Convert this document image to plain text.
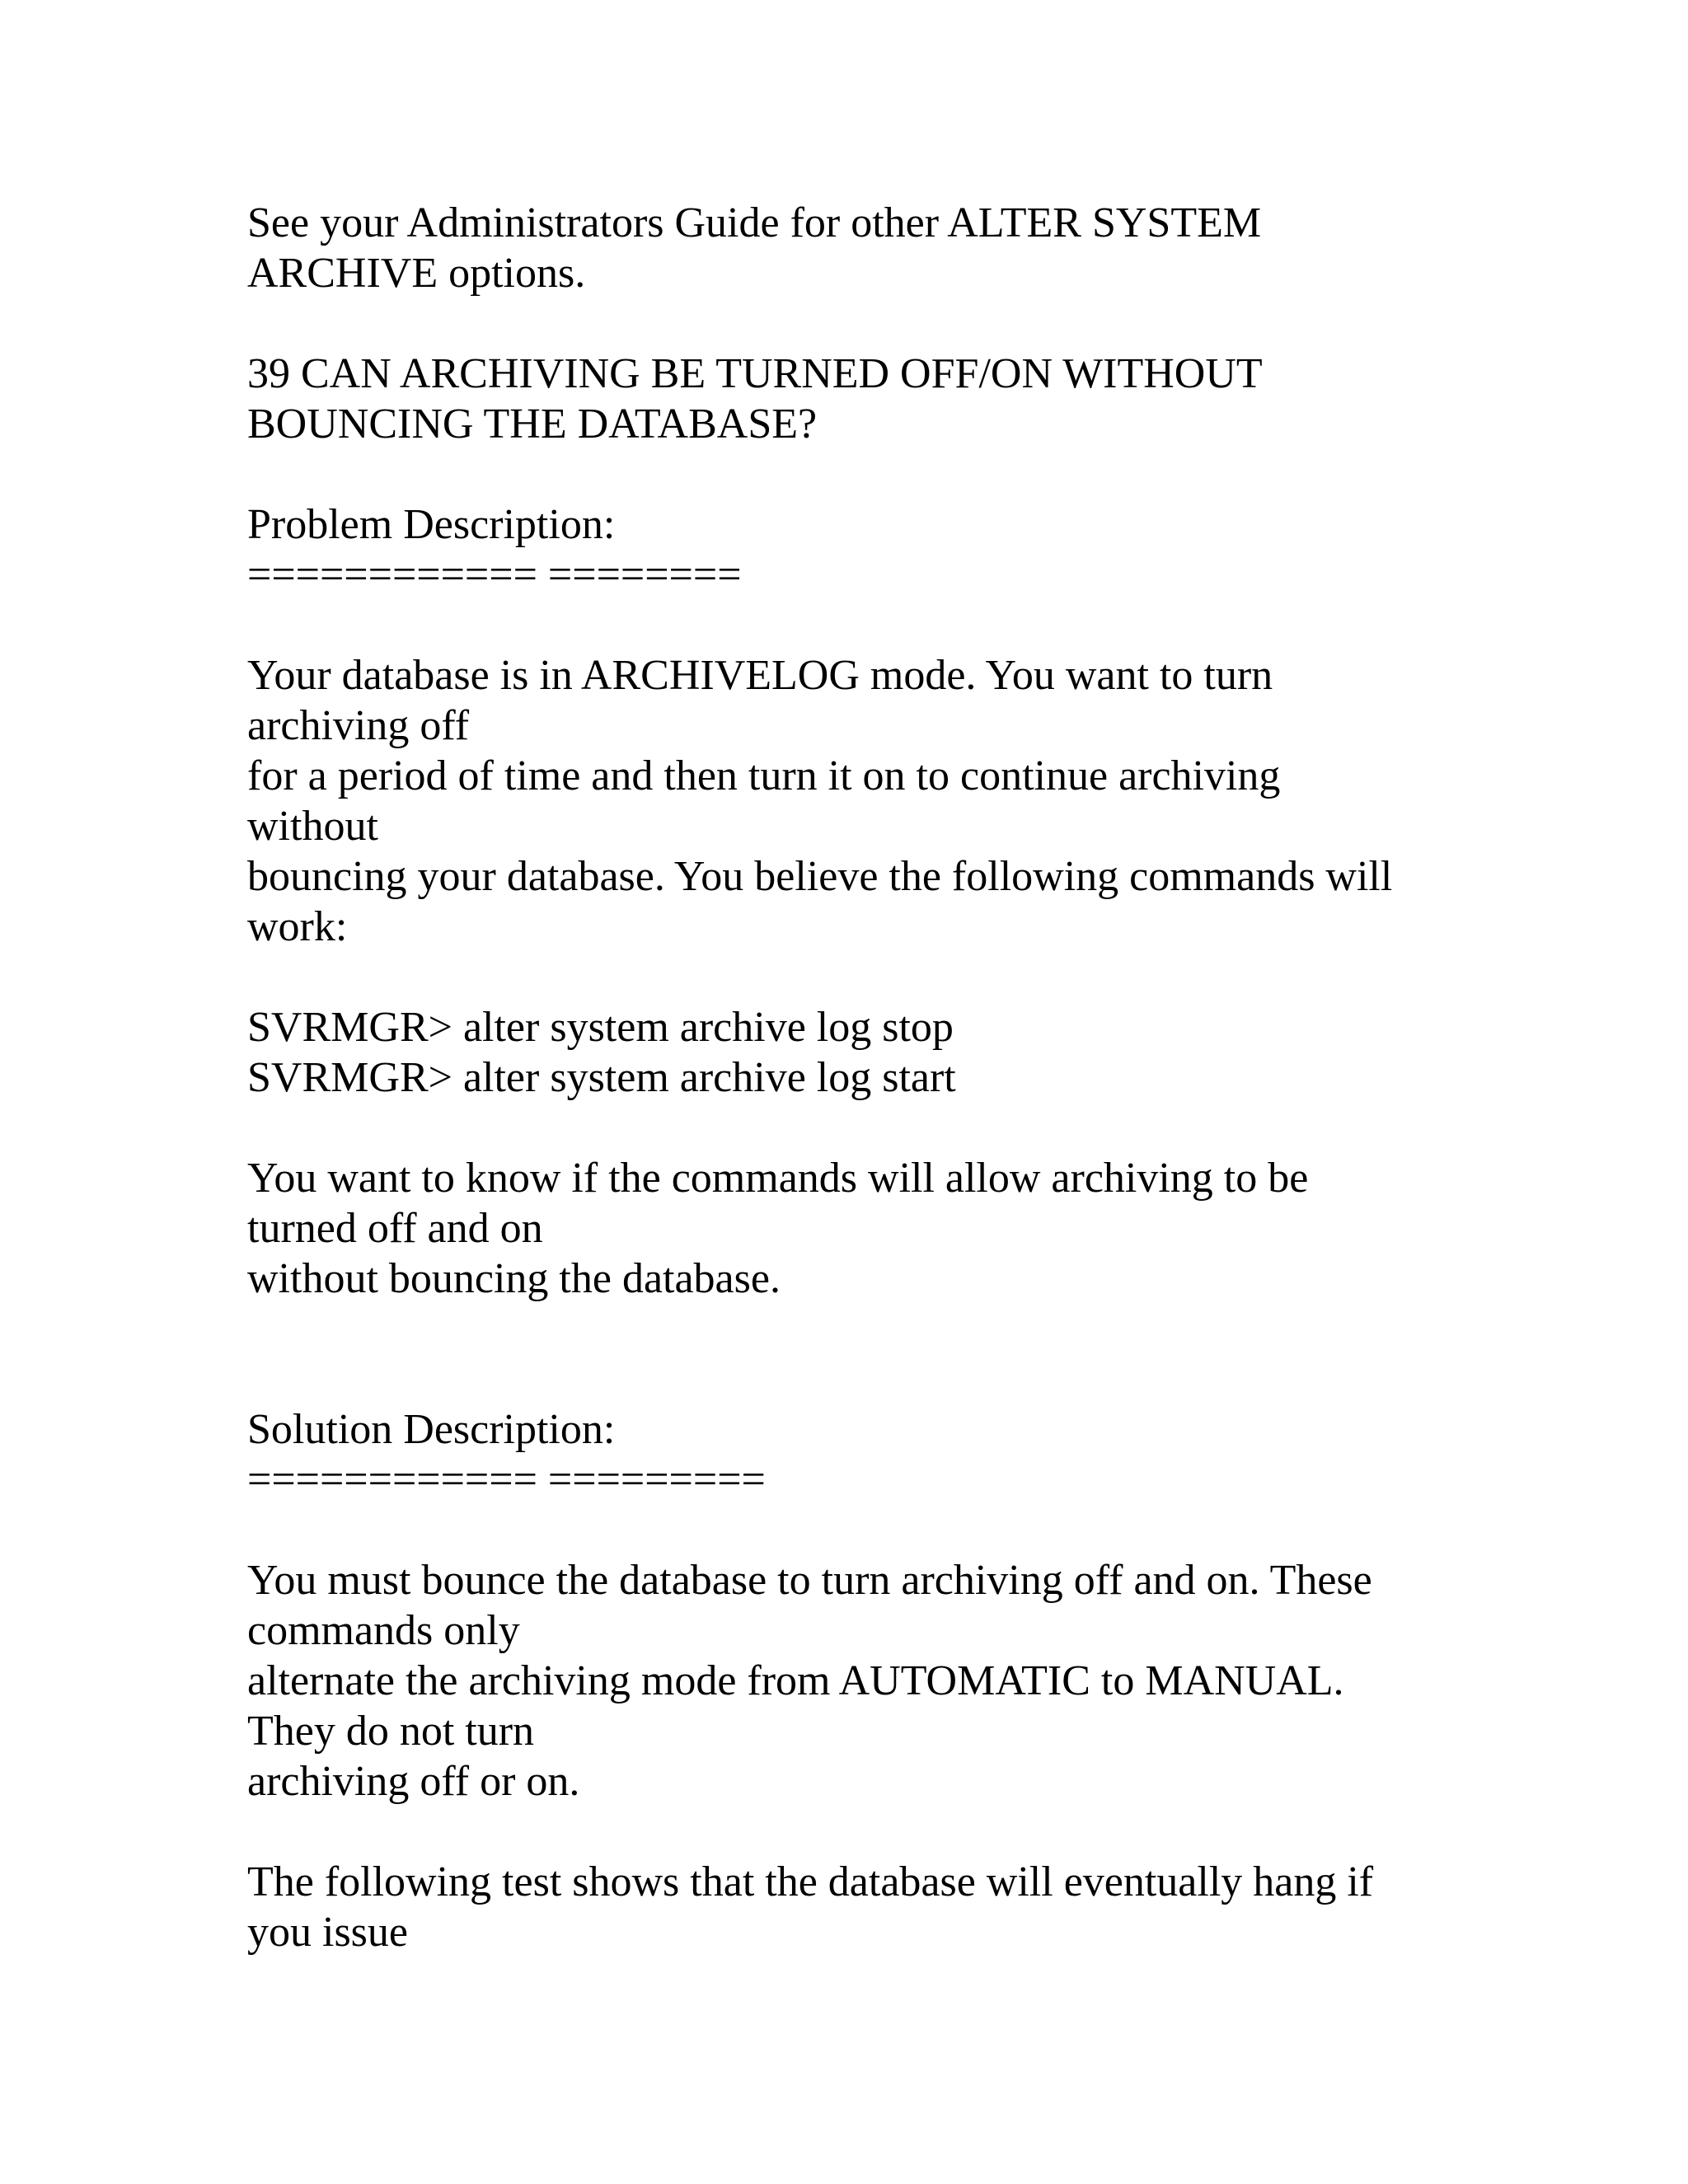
See your Administrators Guide for other ALTER SYSTEM
ARCHIVE options.
39 CAN ARCHIVING BE TURNED OFF/ON WITHOUT
BOUNCING THE DATABASE?
Problem Description:
============ ========
Your database is in ARCHIVELOG mode. You want to turn
archiving off
for a period of time and then turn it on to continue archiving
without
bouncing your database. You believe the following commands will
work:
SVRMGR> alter system archive log stop
SVRMGR> alter system archive log start
You want to know if the commands will allow archiving to be
turned off and on
without bouncing the database.
Solution Description:
============ =========
You must bounce the database to turn archiving off and on. These
commands only
alternate the archiving mode from AUTOMATIC to MANUAL.
They do not turn
archiving off or on.
The following test shows that the database will eventually hang if
you issue
